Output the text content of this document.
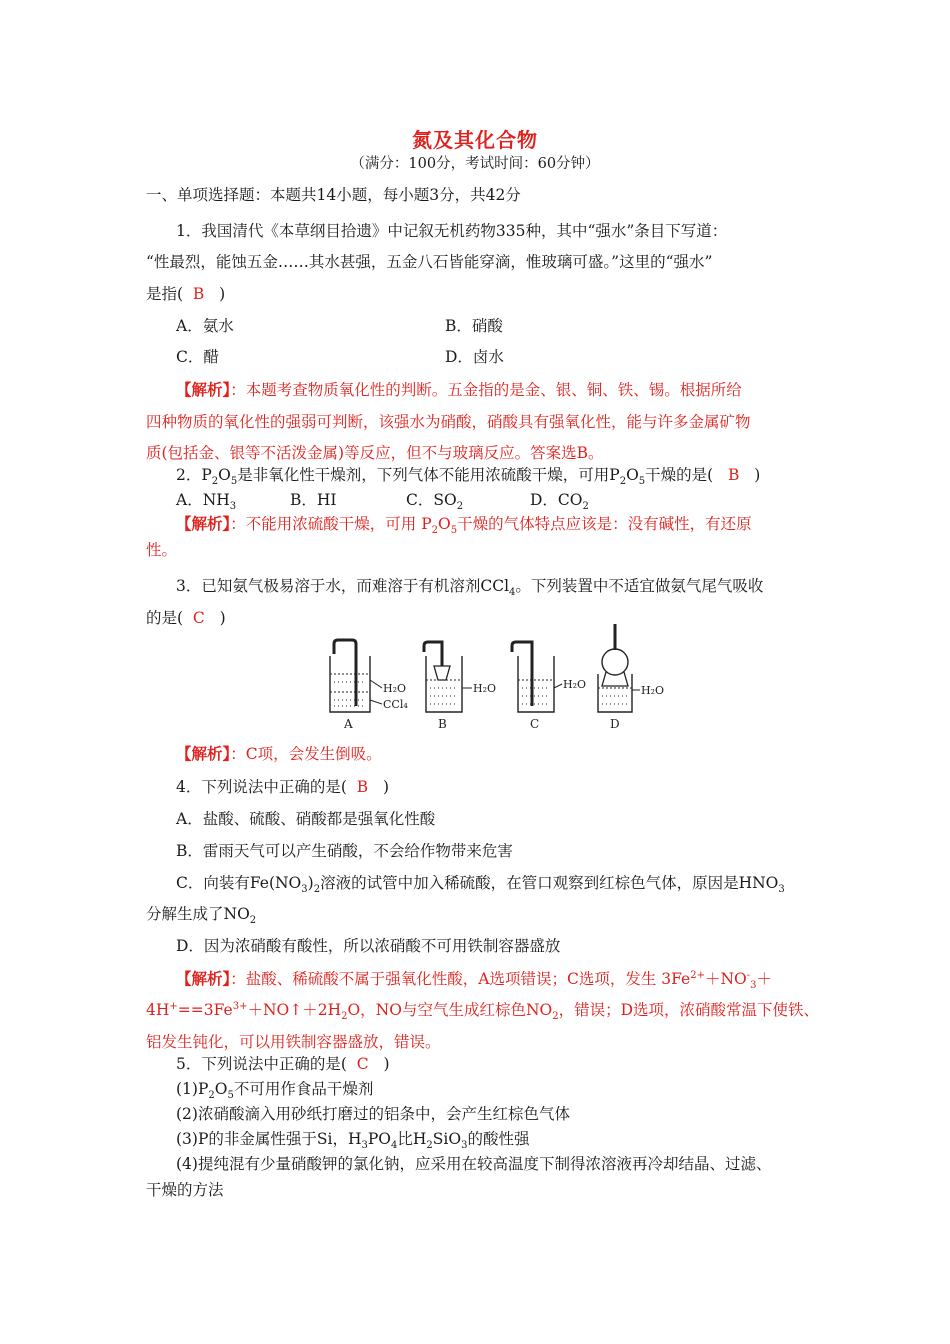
氮及其化合物
（满分：100分，考试时间：60分钟）
一、单项选择题：本题共14小题，每小题3分，共42分
1．我国清代《本草纲目拾遗》中记叙无机药物335种，其中“强水”条目下写道：
“性最烈，能蚀五金……其水甚强，五金八石皆能穿滴，惟玻璃可盛。”这里的“强水”
是指( B )
A．氨水	B．硝酸
C．醋	D．卤水
【解析】：本题考查物质氧化性的判断。五金指的是金、银、铜、铁、锡。根据所给
四种物质的氧化性的强弱可判断，该强水为硝酸，硝酸具有强氧化性，能与许多金属矿物
质(包括金、银等不活泼金属)等反应，但不与玻璃反应。答案选B。
2．$P_2O_5$是非氧化性干燥剂，下列气体不能用浓硫酸干燥，可用$P_2O_5$干燥的是( B )
A．$NH_3$	B．HI	C．$SO_2$	D．$CO_2$
【解析】：不能用浓硫酸干燥，可用 $P_2O_5$干燥的气体特点应该是：没有碱性，有还原
性。
3．已知氨气极易溶于水，而难溶于有机溶剂CCl$_4$。下列装置中不适宜做氨气尾气吸收
的是( C )
H₂O
CCl₄
A
H₂O
B
H₂O
C
H₂O
D
【解析】：C项，会发生倒吸。
4．下列说法中正确的是( B )
A．盐酸、硫酸、硝酸都是强氧化性酸
B．雷雨天气可以产生硝酸，不会给作物带来危害
C．向装有$Fe(NO_3)_2$溶液的试管中加入稀硫酸，在管口观察到红棕色气体，原因是$HNO_3$
分解生成了$NO_2$
D．因为浓硝酸有酸性，所以浓硝酸不可用铁制容器盛放
【解析】：盐酸、稀硫酸不属于强氧化性酸，A选项错误；C选项，发生 $3Fe^{2+}+NO^-_3+$
$4H^+==3Fe^{3+}+NO↑+2H_2O$，NO与空气生成红棕色$NO_2$，错误；D选项，浓硝酸常温下使铁、
铝发生钝化，可以用铁制容器盛放，错误。
5．下列说法中正确的是( C )
$(1)P_2O_5$不可用作食品干燥剂
(2)浓硝酸滴入用砂纸打磨过的铝条中，会产生红棕色气体
(3)P的非金属性强于Si，$H_3PO_4$比$H_2SiO_3$的酸性强
(4)提纯混有少量硝酸钾的氯化钠，应采用在较高温度下制得浓溶液再冷却结晶、过滤、
干燥的方法
